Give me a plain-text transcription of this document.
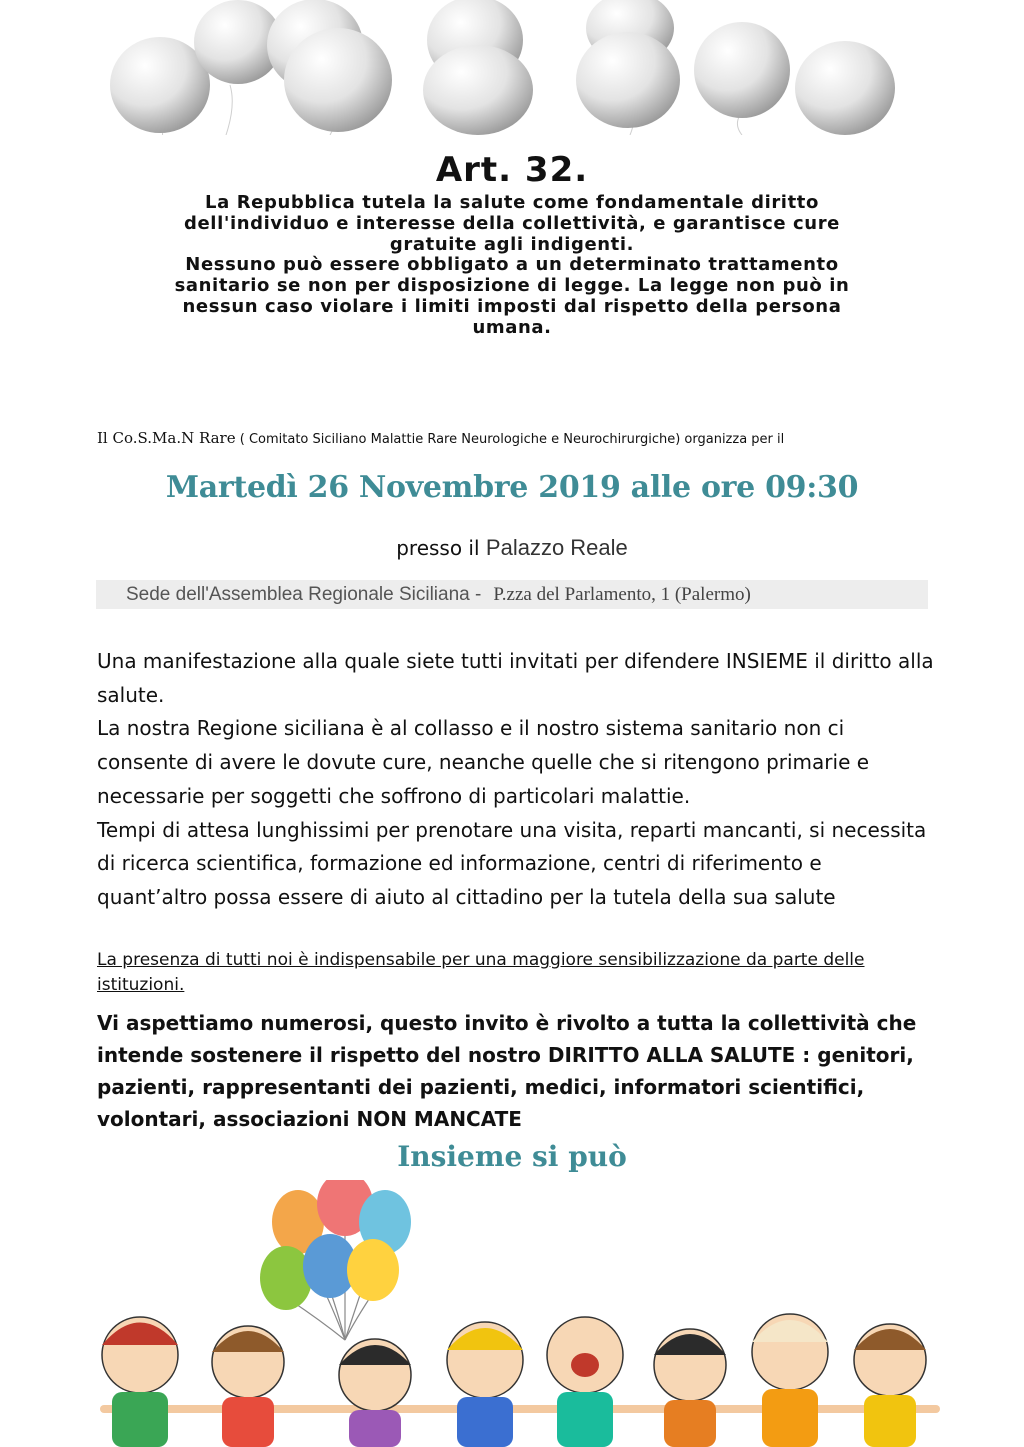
Art. 32.

La Repubblica tutela la salute come fondamentale diritto dell'individuo e interesse della collettività, e garantisce cure gratuite agli indigenti.

Nessuno può essere obbligato a un determinato trattamento sanitario se non per disposizione di legge. La legge non può in nessun caso violare i limiti imposti dal rispetto della persona umana.

Il Co.S.Ma.N Rare ( Comitato Siciliano Malattie Rare Neurologiche e Neurochirurgiche) organizza per il
Martedì 26 Novembre 2019 alle ore 09:30
presso il Palazzo Reale
Sede dell'Assemblea Regionale Siciliana - P.zza del Parlamento, 1 (Palermo)

Una manifestazione alla quale siete tutti invitati per difendere INSIEME il diritto alla salute.

La nostra Regione siciliana è al collasso e il nostro sistema sanitario non ci consente di avere le dovute cure, neanche quelle che si ritengono primarie e necessarie per soggetti che soffrono di particolari malattie.

Tempi di attesa lunghissimi per prenotare una visita, reparti mancanti, si necessita di ricerca scientifica, formazione ed informazione, centri di riferimento e quant’altro possa essere di aiuto al cittadino per la tutela della sua salute

La presenza di tutti noi è indispensabile per una maggiore sensibilizzazione da parte delle istituzioni.
Vi aspettiamo numerosi, questo invito è rivolto a tutta la collettività che intende sostenere il rispetto del nostro DIRITTO ALLA SALUTE : genitori, pazienti, rappresentanti dei pazienti, medici, informatori scientifici, volontari, associazioni NON MANCATE
Insieme si può
